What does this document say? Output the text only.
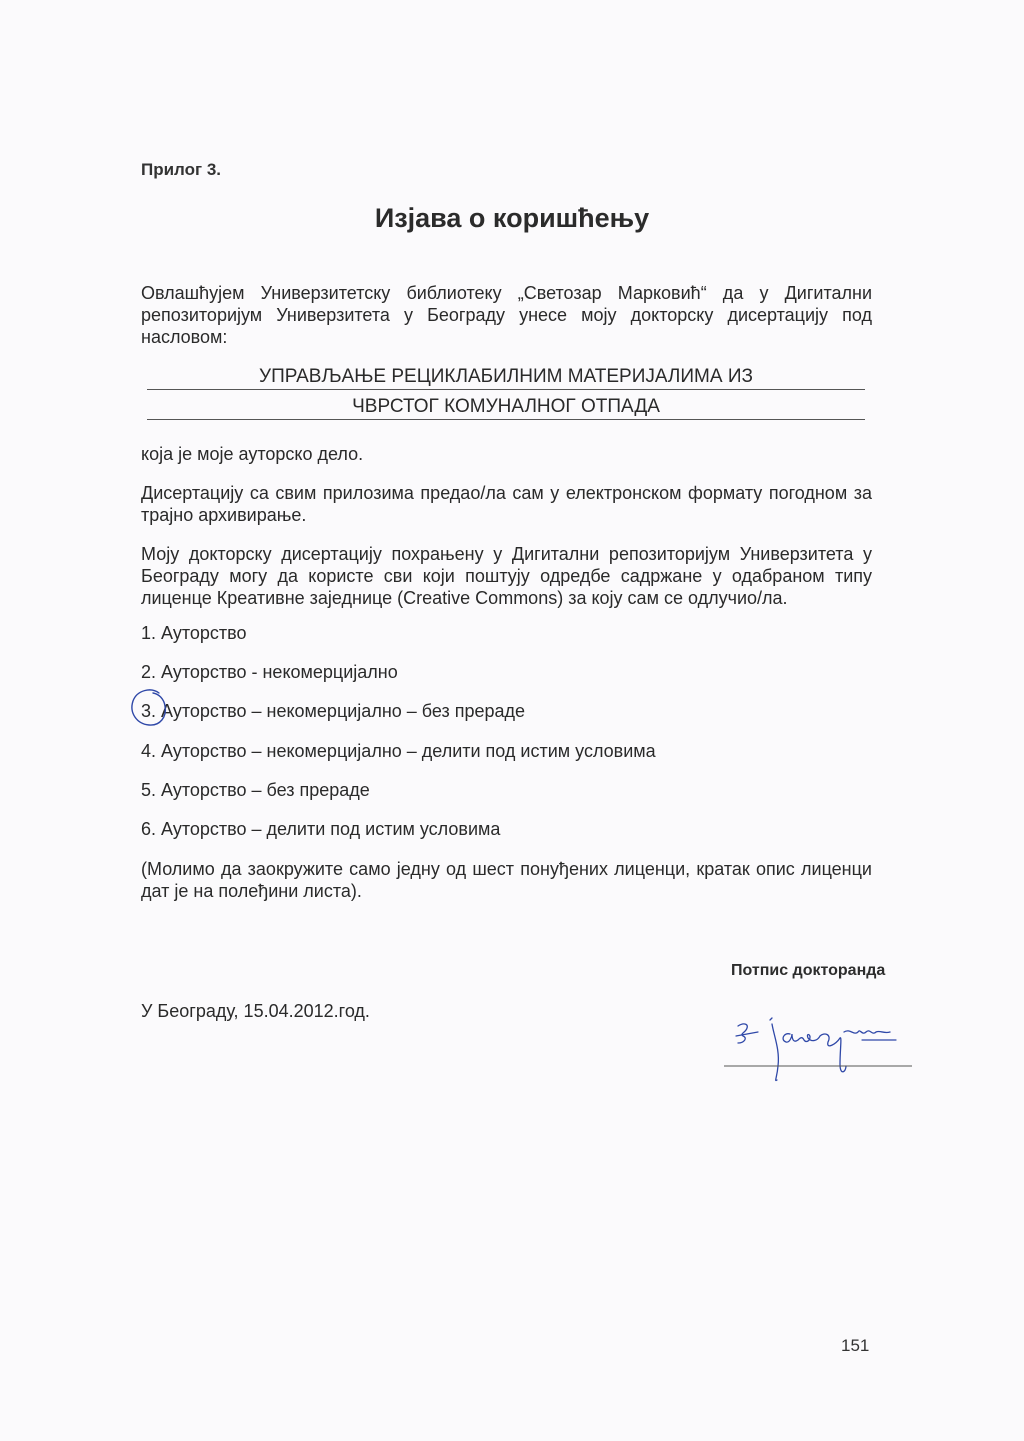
Прилог 3.
Изјава о коришћењу
Овлашћујем Универзитетску библиотеку „Светозар Марковић“ да у Дигитални репозиторијум Универзитета у Београду унесе моју докторску дисертацију под насловом:
УПРАВЉАЊЕ РЕЦИКЛАБИЛНИМ МАТЕРИЈАЛИМА ИЗ
ЧВРСТОГ КОМУНАЛНОГ ОТПАДА
која је моје ауторско дело.
Дисертацију са свим прилозима предао/ла сам у електронском формату погодном за трајно архивирање.
Моју докторску дисертацију похрањену у Дигитални репозиторијум Универзитета у Београду могу да користе сви који поштују одредбе садржане у одабраном типу лиценце Креативне заједнице (Creative Commons) за коју сам се одлучио/ла.
1. Ауторство
2. Ауторство - некомерцијално
3. Ауторство – некомерцијално – без прераде
4. Ауторство – некомерцијално – делити под истим условима
5. Ауторство – без прераде
6. Ауторство – делити под истим условима
(Молимо да заокружите само једну од шест понуђених лиценци, кратак опис лиценци дат је на полеђини листа).
Потпис докторанда
У Београду, 15.04.2012.год.
151
